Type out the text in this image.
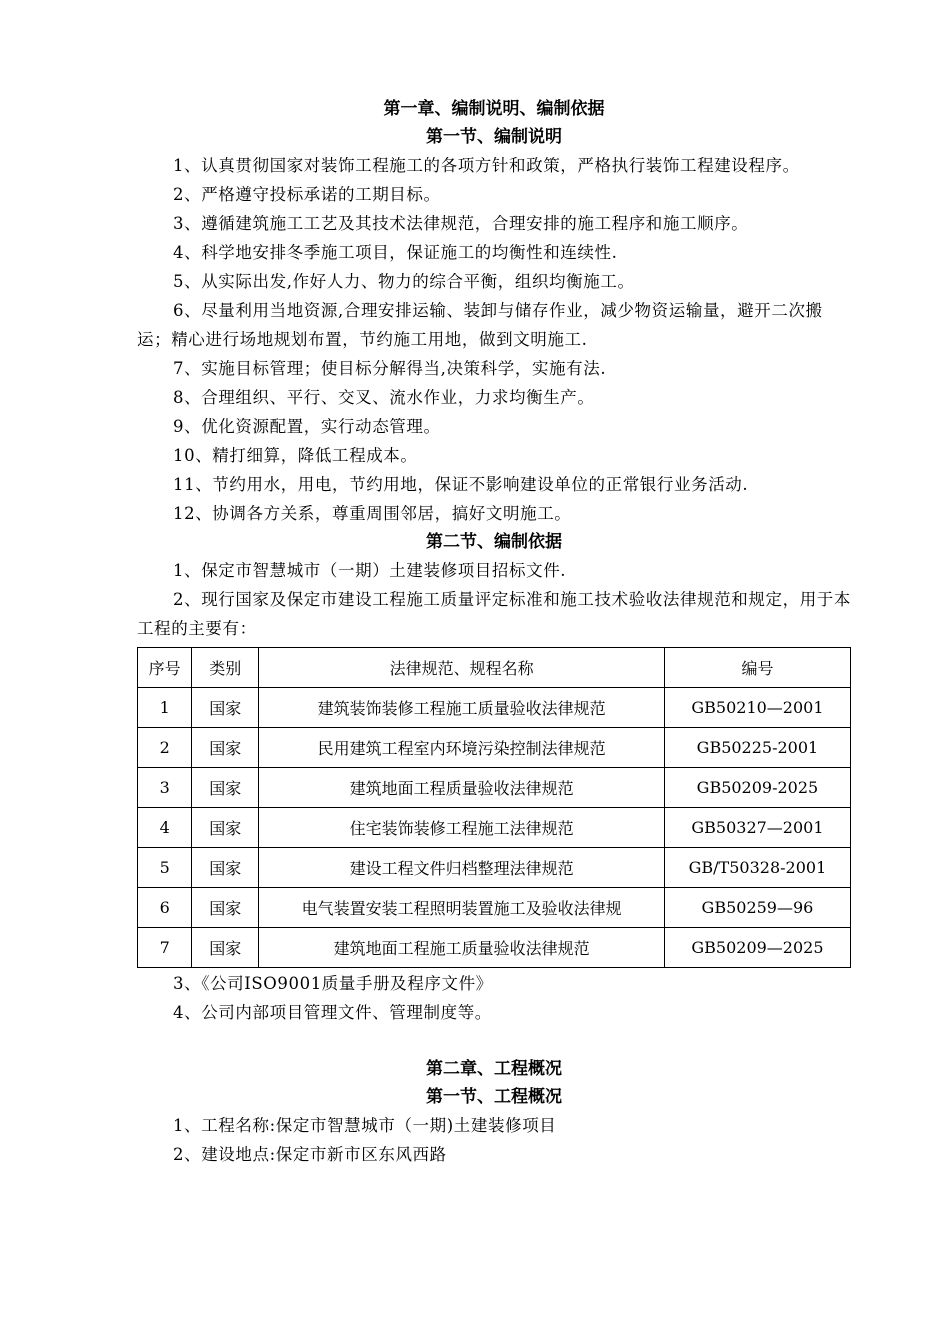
第一章、编制说明、编制依据
第一节、编制说明
1、认真贯彻国家对装饰工程施工的各项方针和政策，严格执行装饰工程建设程序。
2、严格遵守投标承诺的工期目标。
3、遵循建筑施工工艺及其技术法律规范，合理安排的施工程序和施工顺序。
4、科学地安排冬季施工项目，保证施工的均衡性和连续性.
5、从实际出发,作好人力、物力的综合平衡，组织均衡施工。
6、尽量利用当地资源,合理安排运输、装卸与储存作业，减少物资运输量，避开二次搬运；精心进行场地规划布置，节约施工用地，做到文明施工.
7、实施目标管理；使目标分解得当,决策科学，实施有法.
8、合理组织、平行、交叉、流水作业，力求均衡生产。
9、优化资源配置，实行动态管理。
10、精打细算，降低工程成本。
11、节约用水，用电，节约用地，保证不影响建设单位的正常银行业务活动.
12、协调各方关系，尊重周围邻居，搞好文明施工。
第二节、编制依据
1、保定市智慧城市（一期）土建装修项目招标文件.
2、现行国家及保定市建设工程施工质量评定标准和施工技术验收法律规范和规定，用于本工程的主要有：
序号	类别	法律规范、规程名称	编号
1	国家	建筑装饰装修工程施工质量验收法律规范	GB50210—2001
2	国家	民用建筑工程室内环境污染控制法律规范	GB50225-2001
3	国家	建筑地面工程质量验收法律规范	GB50209-2025
4	国家	住宅装饰装修工程施工法律规范	GB50327—2001
5	国家	建设工程文件归档整理法律规范	GB/T50328-2001
6	国家	电气装置安装工程照明装置施工及验收法律规	GB50259—96
7	国家	建筑地面工程施工质量验收法律规范	GB50209—2025
3、《公司ISO9001质量手册及程序文件》
4、公司内部项目管理文件、管理制度等。
第二章、工程概况
第一节、工程概况
1、工程名称:保定市智慧城市（一期)土建装修项目
2、建设地点:保定市新市区东风西路
